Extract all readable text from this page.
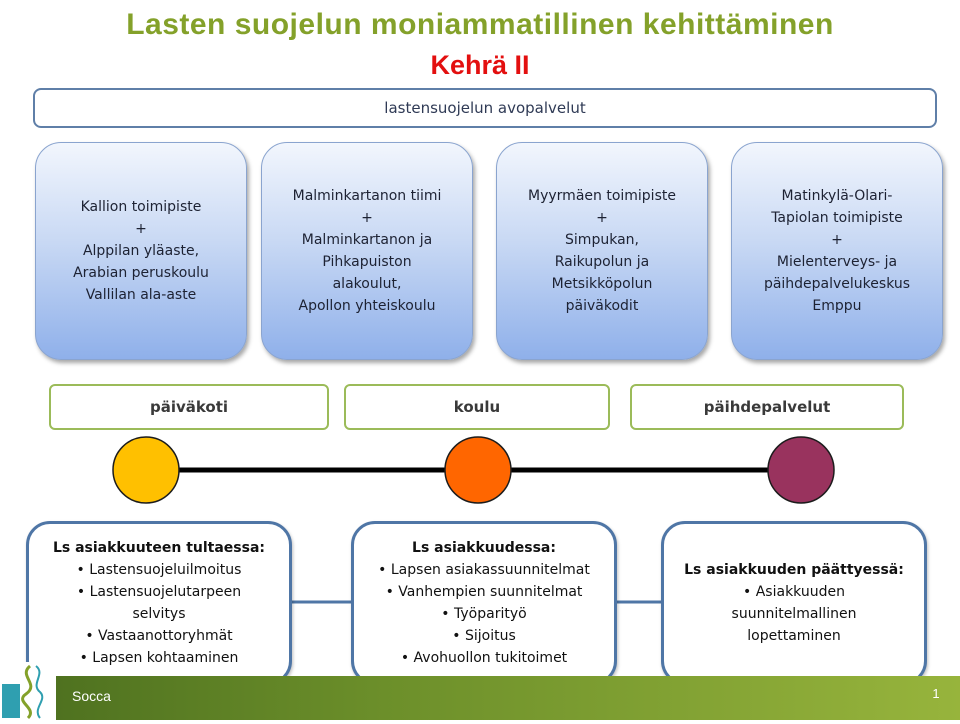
Lasten suojelun moniammatillinen kehittäminen
Kehrä II
lastensuojelun avopalvelut
Kallion toimipiste
+
Alppilan yläaste,
Arabian peruskoulu
Vallilan ala-aste
Malminkartanon tiimi
+
Malminkartanon ja
Pihkapuiston
alakoulut,
Apollon yhteiskoulu
Myyrmäen toimipiste
+
Simpukan,
Raikupolun ja
Metsikköpolun
päiväkodit
Matinkylä-Olari-
Tapiolan toimipiste
+
Mielenterveys- ja
päihdepalvelukeskus
Emppu
päiväkoti	koulu	päihdepalvelut
Ls asiakkuuteen tultaessa:
• Lastensuojeluilmoitus
• Lastensuojelutarpeen
selvitys
• Vastaanottoryhmät
• Lapsen kohtaaminen
Ls asiakkuudessa:
• Lapsen asiakassuunnitelmat
• Vanhempien suunnitelmat
• Työparityö
• Sijoitus
• Avohuollon tukitoimet
Ls asiakkuuden päättyessä:
• Asiakkuuden
suunnitelmallinen
lopettaminen
Socca	1
